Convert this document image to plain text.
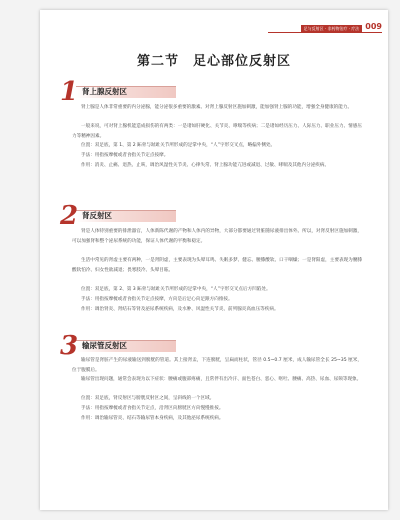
足与反射区 · 非药物治疗 · 疗法 009
第二节　足心部位反射区
1 肾上腺反射区

肾上腺是人体非常重要的内分泌腺，能分泌很多重要的激素。对肾上腺反射区施加刺激，能加强肾上腺的功能，增强全身健康的能力。

一般来说，可对肾上腺机能造成损伤的有两类：一是诸如肝硬化、关节炎、哮喘等疾病；二是诸如经历压力、人际压力、职业压力、情感压力等精神因素。

位置：双足底，第 1、第 2 跖骨与趾趾关节所形成的足掌中央，“人”字形交叉点，略偏外侧处。

手法：用指按摩梳或者食指关节定点按摩。

作用：消炎、止痛、退热、止咳，调治风湿性关节炎、心律失常、肾上腺功能亢进或减退、过敏、哮喘及其他内分泌疾病。

2 肾反射区

肾是人体特别重要的排泄器官，人体新陈代谢的产物和人体内的异物，大部分都要通过肾脏随尿液排出体外。所以，对肾反射区施加刺激，可以加强肾和整个泌尿系统的功能，保证人体代谢的平衡和稳定。

生活中常见的肾虚主要有两种，一是肾阴虚，主要表现为头晕耳鸣、失眠多梦、健忘、腰膝酸软、口干咽燥；一是肾阳虚，主要表现为腰膝酸软怕冷、妇女性欲减退；畏寒肢冷、头晕目眩。

位置：双足底，第 2、第 3 跖骨与趾趾关节所形成的足掌中央，“人”字形交叉点后方凹陷处。

手法：用指按摩梳或者食指关节定点按摩，方向是后足心向足跟方向推按。

作用：调治肾炎、肾结石等肾及泌尿系统疾病，及水肿、风湿性关节炎、前列腺炎高血压等疾病。

3 输尿管反射区

输尿管是肾脏产生的尿液输送到膀胱的管道。其上接肾盂，下连膀胱，呈扁而柱状，管径 0.5~0.7 厘米，成人输尿管全长 25~35 厘米，位于腹膜后。

输尿管出现问题，通常会表现为以下症状：腰痛或腹部疼痛，且常伴有出冷汗、面色苍白、恶心、呕吐、腰痛、高热、尿血、尿频等现象。

位置：双足底，肾反射区与膀胱反射区之间，呈斜线的一个区域。

手法：用指按摩梳或者食指关节定点，沿肾区向膀胱区方向慢慢推按。

作用：调治输尿管炎、结石等输尿管本身疾病，及其他泌尿系统疾病。
